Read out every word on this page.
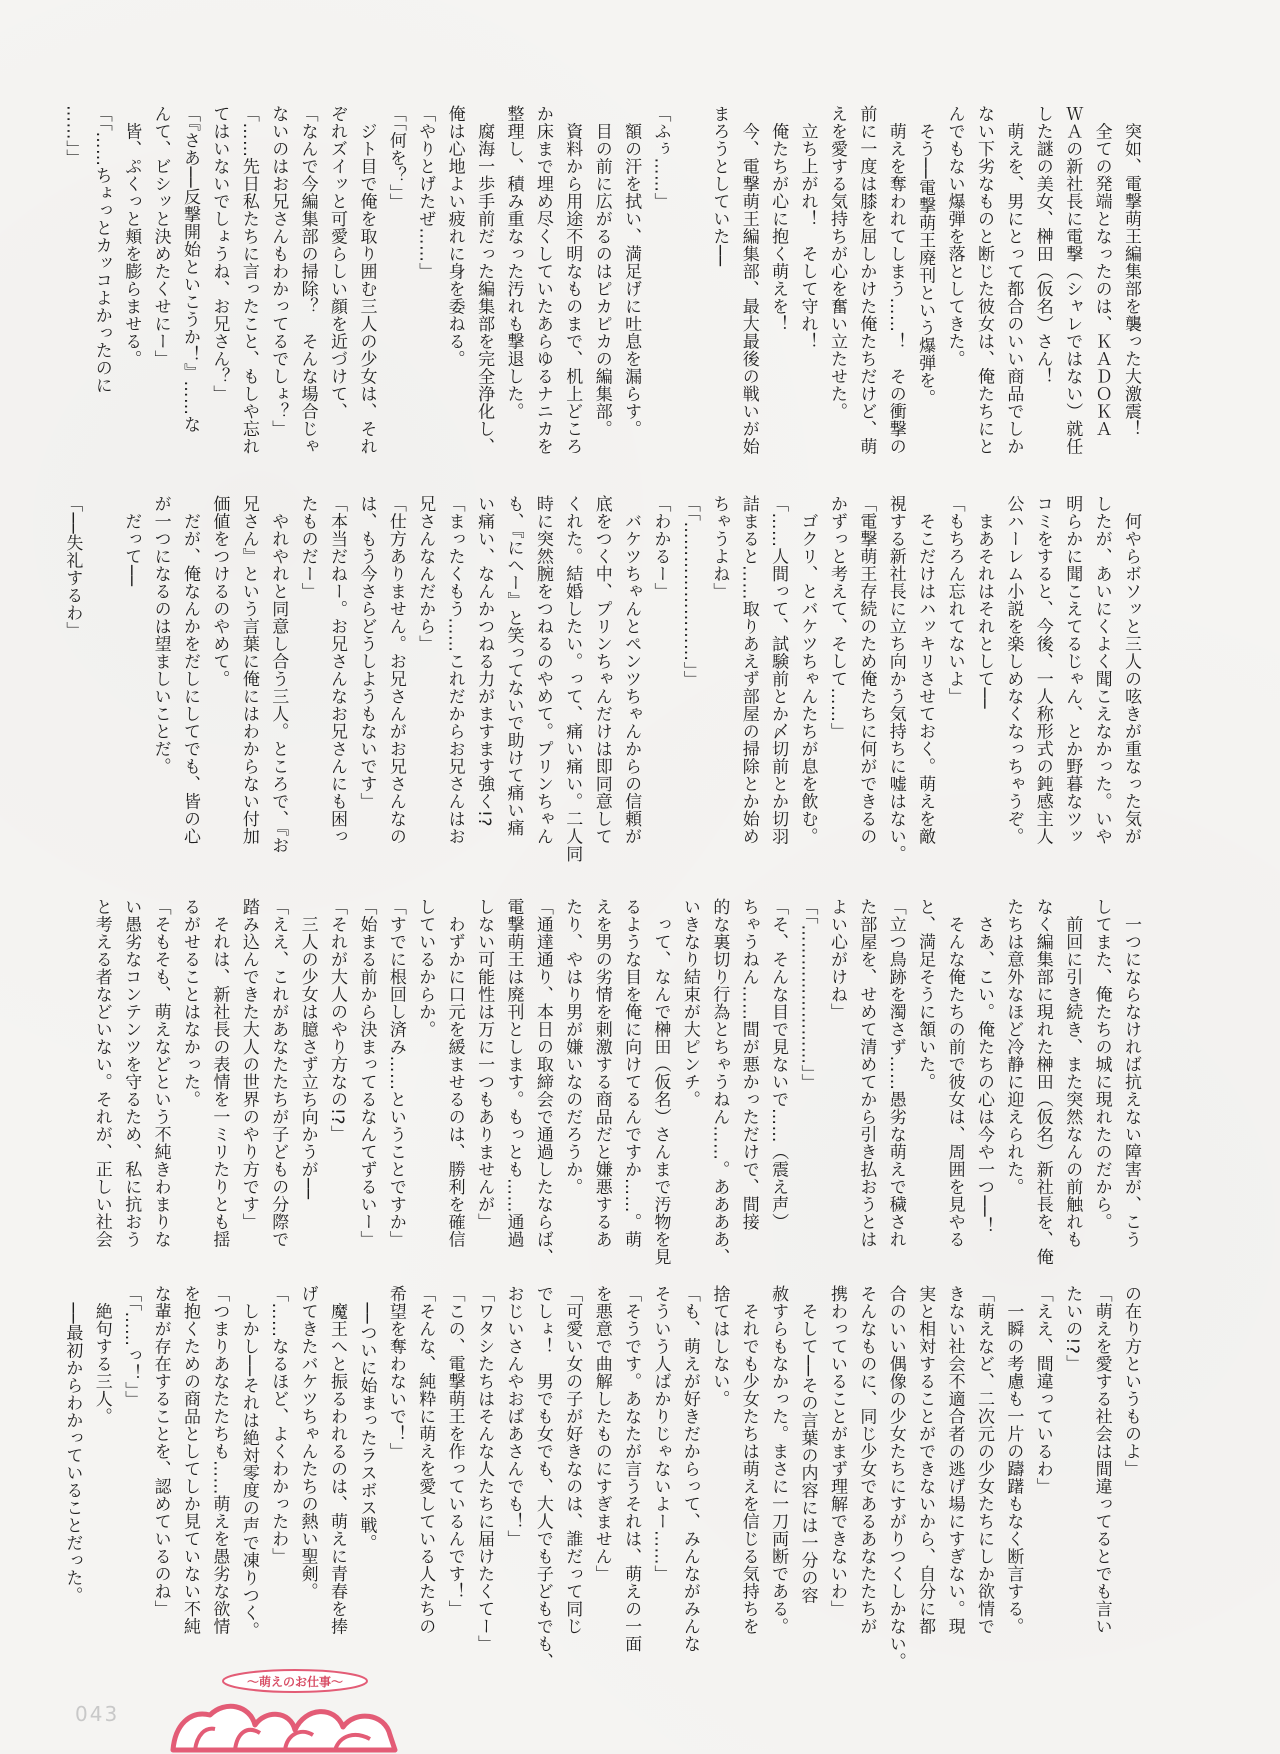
　突如、電撃萌王編集部を襲った大激震！

　全ての発端となったのは、ＫＡＤＯＫＡ

ＷＡの新社長に電撃（シャレではない）就任

した謎の美女、榊田（仮名）さん！

　萌えを、男にとって都合のいい商品でしか

ない下劣なものと断じた彼女は、俺たちにと

んでもない爆弾を落としてきた。

　そう──電撃萌王廃刊という爆弾を。

　萌えを奪われてしまう……！　その衝撃の

前に一度は膝を屈しかけた俺たちだけど、萌

えを愛する気持ちが心を奮い立たせた。

　立ち上がれ！　そして守れ！

　俺たちが心に抱く萌えを！

　今、電撃萌王編集部、最大最後の戦いが始

まろうとしていた──

「ふぅ……」

　額の汗を拭い、満足げに吐息を漏らす。

　目の前に広がるのはピカピカの編集部。

　資料から用途不明なものまで、机上どころ

か床まで埋め尽くしていたあらゆるナニカを

整理し、積み重なった汚れも撃退した。

　腐海一歩手前だった編集部を完全浄化し、

俺は心地よい疲れに身を委ねる。

「やりとげたぜ……」

「「何を？」」

　ジト目で俺を取り囲む三人の少女は、それ

ぞれズイッと可愛らしい顔を近づけて、

「なんで今編集部の掃除？　そんな場合じゃ

ないのはお兄さんもわかってるでしょ？」

「……先日私たちに言ったこと、もしや忘れ

てはいないでしょうね、お兄さん？」

「『さあ──反撃開始といこうか！』……な

んて、ビシッと決めたくせにー」

　皆、ぷくっと頬を膨らませる。

「「……ちょっとカッコよかったのに

……」」

　何やらボソッと三人の呟きが重なった気が

したが、あいにくよく聞こえなかった。いや

明らかに聞こえてるじゃん、とか野暮なツッ

コミをすると、今後、一人称形式の鈍感主人

公ハーレム小説を楽しめなくなっちゃうぞ。

　まあそれはそれとして──

「もちろん忘れてないよ」

　そこだけはハッキリさせておく。萌えを敵

視する新社長に立ち向かう気持ちに嘘はない。

「電撃萌王存続のため俺たちに何ができるの

かずっと考えて、そして……」

　ゴクリ、とバケツちゃんたちが息を飲む。

「……人間って、試験前とか〆切前とか切羽

詰まると……取りあえず部屋の掃除とか始め

ちゃうよね」

「「……………………」」

「わかるー」

　バケツちゃんとペンツちゃんからの信頼が

底をつく中、プリンちゃんだけは即同意して

くれた。結婚したい。って、痛い痛い。二人同

時に突然腕をつねるのやめて。プリンちゃん

も、『にへー』と笑ってないで助けて痛い痛

い痛い、なんかつねる力がますます強く!?

「まったくもう……これだからお兄さんはお

兄さんなんだから」

「仕方ありません。お兄さんがお兄さんなの

は、もう今さらどうしようもないです」

「本当だねー。お兄さんなお兄さんにも困っ

たものだー」

　やれやれと同意し合う三人。ところで、『お

兄さん』という言葉に俺にはわからない付加

価値をつけるのやめて。

　だが、俺なんかをだしにしてでも、皆の心

が一つになるのは望ましいことだ。

　だって──

「──失礼するわ」

　一つにならなければ抗えない障害が、こう

してまた、俺たちの城に現れたのだから。

　前回に引き続き、また突然なんの前触れも

なく編集部に現れた榊田（仮名）新社長を、俺

たちは意外なほど冷静に迎えられた。

　さあ、こい。俺たちの心は今や一つ──！

　そんな俺たちの前で彼女は、周囲を見やる

と、満足そうに頷いた。

「立つ鳥跡を濁さず……愚劣な萌えで穢され

た部屋を、せめて清めてから引き払おうとは

よい心がけね」

「「……………………」」

「そ、そんな目で見ないで……（震え声）

ちゃうねん……間が悪かっただけで、間接

的な裏切り行為とちゃうねん……。ああああ、

いきなり結束が大ピンチ。

　って、なんで榊田（仮名）さんまで汚物を見

るような目を俺に向けてるんですか……。萌

えを男の劣情を刺激する商品だと嫌悪するあ

たり、やはり男が嫌いなのだろうか。

「通達通り、本日の取締会で通過したならば、

電撃萌王は廃刊とします。もっとも……通過

しない可能性は万に一つもありませんが」

　わずかに口元を緩ませるのは、勝利を確信

しているからか。

「すでに根回し済み……ということですか」

「始まる前から決まってるなんてずるいー」

「それが大人のやり方なの!?」

　三人の少女は臆さず立ち向かうが──

「ええ、これがあなたたちが子どもの分際で

踏み込んできた大人の世界のやり方です」

　それは、新社長の表情を一ミリたりとも揺

るがせることはなかった。

「そもそも、萌えなどという不純きわまりな

い愚劣なコンテンツを守るため、私に抗おう

と考える者などいない。それが、正しい社会

の在り方というものよ」

「萌えを愛する社会は間違ってるとでも言い

たいの!?」

「ええ、間違っているわ」

　一瞬の考慮も一片の躊躇もなく断言する。

「萌えなど、二次元の少女たちにしか欲情で

きない社会不適合者の逃げ場にすぎない。現

実と相対することができないから、自分に都

合のいい偶像の少女たちにすがりつくしかない。

そんなものに、同じ少女であるあなたたちが

携わっていることがまず理解できないわ」

　そして──その言葉の内容には一分の容

赦すらもなかった。まさに一刀両断である。

　それでも少女たちは萌えを信じる気持ちを

捨てはしない。

「も、萌えが好きだからって、みんながみんな

そういう人ばかりじゃないよー……」

「そうです。あなたが言うそれは、萌えの一面

を悪意で曲解したものにすぎません」

「可愛い女の子が好きなのは、誰だって同じ

でしょ！　男でも女でも、大人でも子どもでも、

おじいさんやおばあさんでも！」

「ワタシたちはそんな人たちに届けたくてー」

「この、電撃萌王を作っているんです！」

「そんな、純粋に萌えを愛している人たちの

希望を奪わないで！」

　──ついに始まったラスボス戦。

　魔王へと振るわれるのは、萌えに青春を捧

げてきたバケツちゃんたちの熱い聖剣。

「……なるほど、よくわかったわ」

　しかし──それは絶対零度の声で凍りつく。

「つまりあなたたちも……萌えを愚劣な欲情

を抱くための商品としてしか見ていない不純

な輩が存在することを、認めているのね」

「「……っ！」」

　絶句する三人。

　──最初からわかっていることだった。

043
〜萌えのお仕事〜
